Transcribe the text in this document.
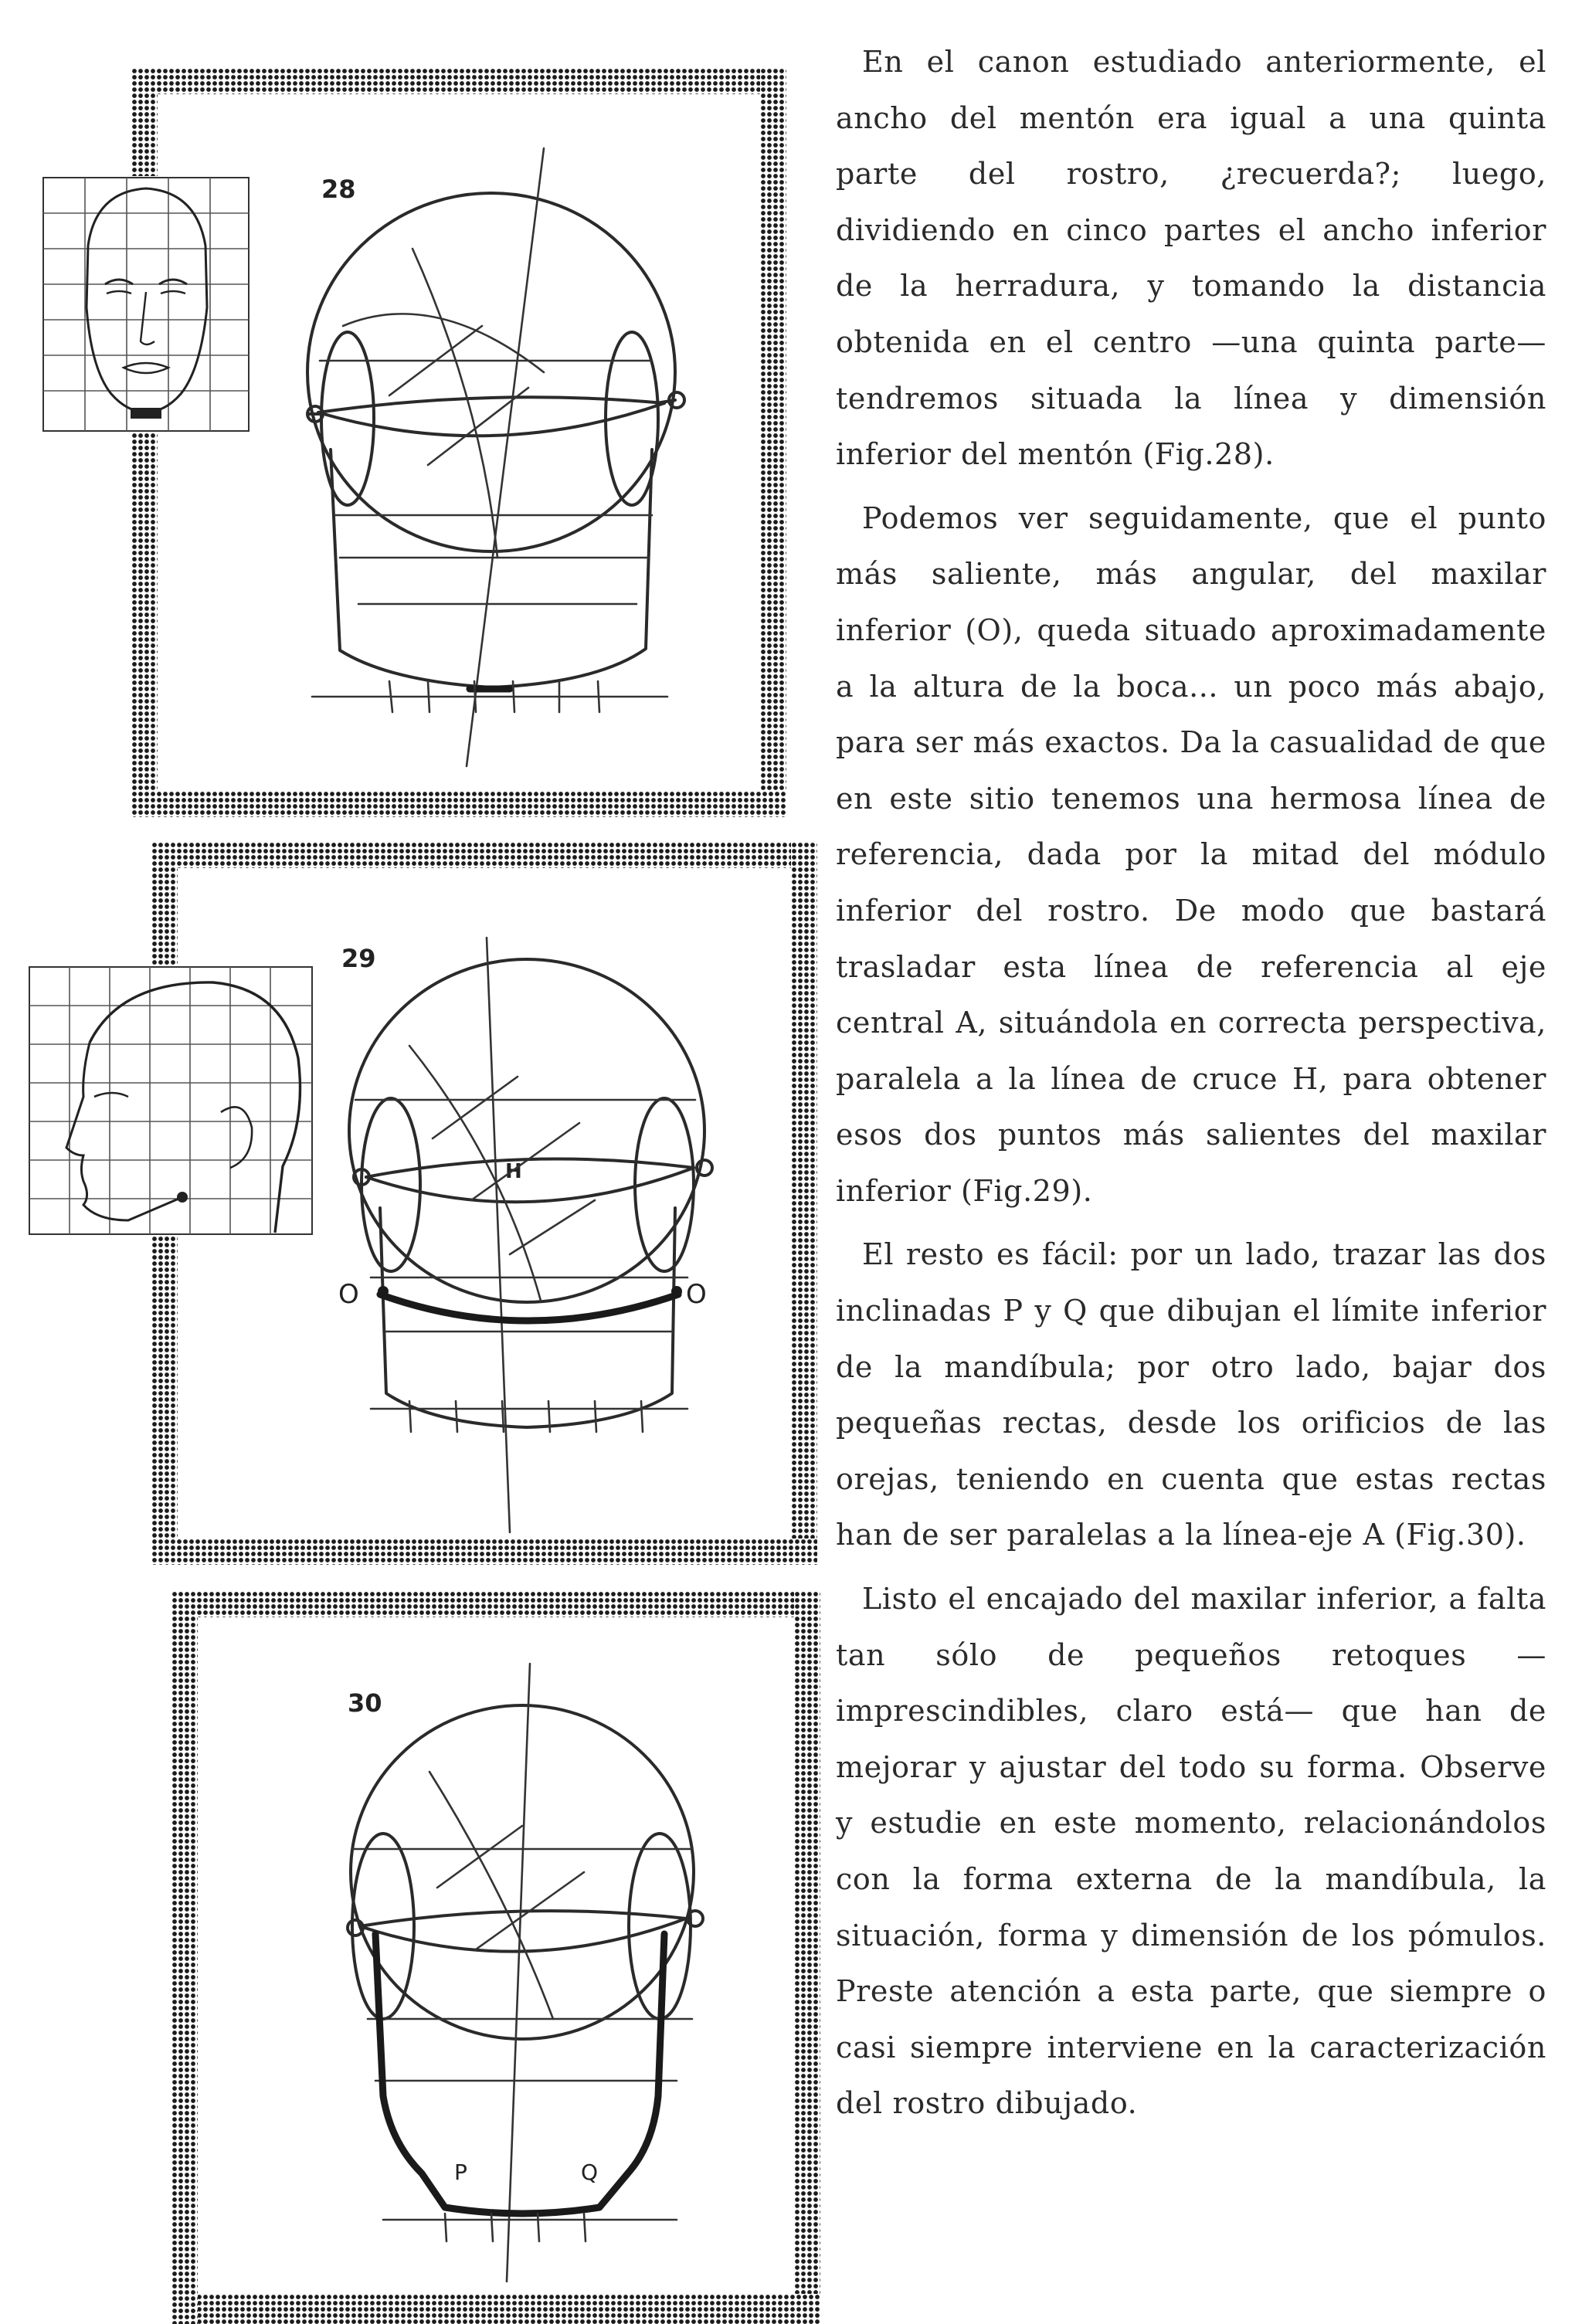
28
29
H
O	O
30
P	Q

En el canon estudiado anteriormente, el ancho del mentón era igual a una quinta parte del rostro, ¿recuerda?; luego, dividiendo en cinco partes el ancho inferior de la herradura, y tomando la distancia obtenida en el centro —una quinta parte— tendremos situada la línea y dimensión inferior del mentón (Fig.28).

Podemos ver seguidamente, que el punto más saliente, más angular, del maxilar inferior (O), queda situado aproximadamente a la altura de la boca... un poco más abajo, para ser más exactos. Da la casualidad de que en este sitio tenemos una hermosa línea de referencia, dada por la mitad del módulo inferior del rostro. De modo que bastará trasladar esta línea de referencia al eje central A, situándola en correcta perspectiva, paralela a la línea de cruce H, para obtener esos dos puntos más salientes del maxilar inferior (Fig.29).

El resto es fácil: por un lado, trazar las dos inclinadas P y Q que dibujan el límite inferior de la mandíbula; por otro lado, bajar dos pequeñas rectas, desde los orificios de las orejas, teniendo en cuenta que estas rectas han de ser paralelas a la línea-eje A (Fig.30).

Listo el encajado del maxilar inferior, a falta tan sólo de pequeños retoques —imprescindibles, claro está— que han de mejorar y ajustar del todo su forma. Observe y estudie en este momento, relacionándolos con la forma externa de la mandíbula, la situación, forma y dimensión de los pómulos. Preste atención a esta parte, que siempre o casi siempre interviene en la caracterización del rostro dibujado.
